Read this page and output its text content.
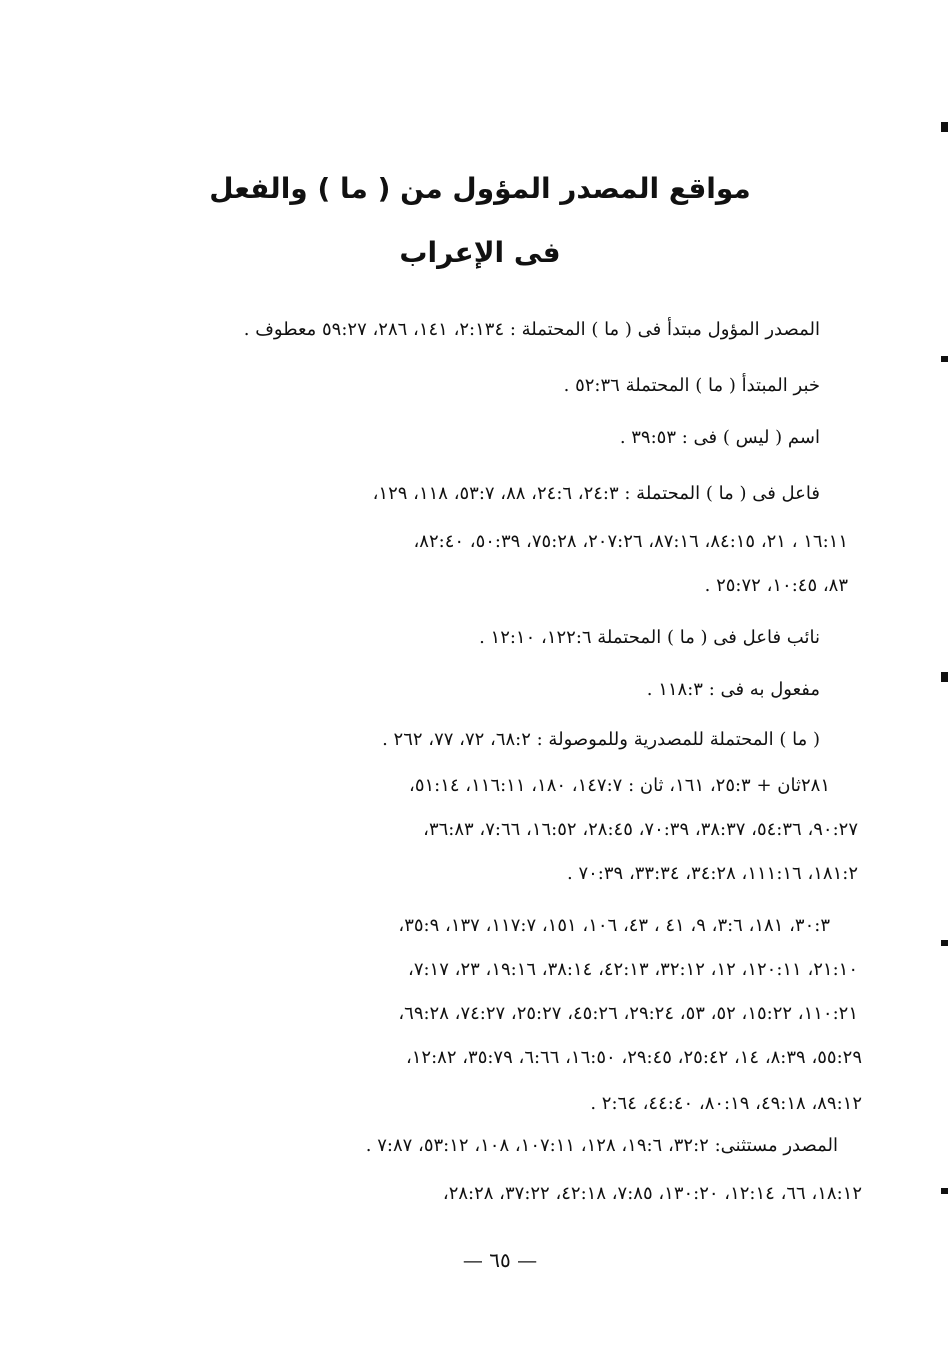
مواقع المصدر المؤول من ( ما ) والفعل
فى الإعراب
المصدر المؤول مبتدأ فى ( ما ) المحتملة : ٢:١٣٤، ١٤١، ٢٨٦، ٥٩:٢٧ معطوف .
خبر المبتدأ ( ما ) المحتملة ٥٢:٣٦ .
اسم ( ليس ) فى : ٣٩:٥٣ .
فاعل فى ( ما ) المحتملة : ٢٤:٣، ٢٤:٦، ٨٨، ٥٣:٧، ١١٨، ١٢٩،
١٦:١١ ، ٢١، ٨٤:١٥، ٨٧:١٦، ٢٠٧:٢٦، ٧٥:٢٨، ٥٠:٣٩، ٨٢:٤٠،
٨٣، ١٠:٤٥، ٢٥:٧٢ .
نائب فاعل فى ( ما ) المحتملة ١٢٢:٦، ١٢:١٠ .
مفعول به فى : ١١٨:٣ .
( ما ) المحتملة للمصدرية وللموصولة : ٦٨:٢، ٧٢، ٧٧، ٢٦٢ .
٢٨١ثان + ٢٥:٣، ١٦١، ثان : ١٤٧:٧، ١٨٠، ١١٦:١١، ٥١:١٤،
٩٠:٢٧، ٥٤:٣٦، ٣٨:٣٧، ٧٠:٣٩، ٢٨:٤٥، ١٦:٥٢، ٧:٦٦، ٣٦:٨٣،
١٨١:٢، ١١١:١٦، ٣٤:٢٨، ٣٣:٣٤، ٧٠:٣٩ .
٣٠:٣، ١٨١، ٣:٦، ٩، ٤١ ، ٤٣، ١٠٦، ١٥١، ١١٧:٧، ١٣٧، ٣٥:٩،
٢١:١٠، ١٢٠:١١، ١٢، ٣٢:١٢، ٤٢:١٣، ٣٨:١٤، ١٩:١٦، ٢٣، ٧:١٧،
١١٠:٢١، ١٥:٢٢، ٥٢، ٥٣، ٢٩:٢٤، ٤٥:٢٦، ٢٥:٢٧، ٧٤:٢٧، ٦٩:٢٨،
٥٥:٢٩، ٨:٣٩، ١٤، ٢٥:٤٢، ٢٩:٤٥، ١٦:٥٠، ٦:٦٦، ٣٥:٧٩، ١٢:٨٢،
٨٩:١٢، ٤٩:١٨، ٨٠:١٩، ٤٤:٤٠، ٢:٦٤ .
المصدر مستثنى: ٣٢:٢، ١٩:٦، ١٢٨، ١٠٧:١١، ١٠٨، ٥٣:١٢، ٧:٨٧ .
١٨:١٢، ٦٦، ١٢:١٤، ١٣٠:٢٠، ٧:٨٥، ٤٢:١٨، ٣٧:٢٢، ٢٨:٢٨،
— ٦٥ —
